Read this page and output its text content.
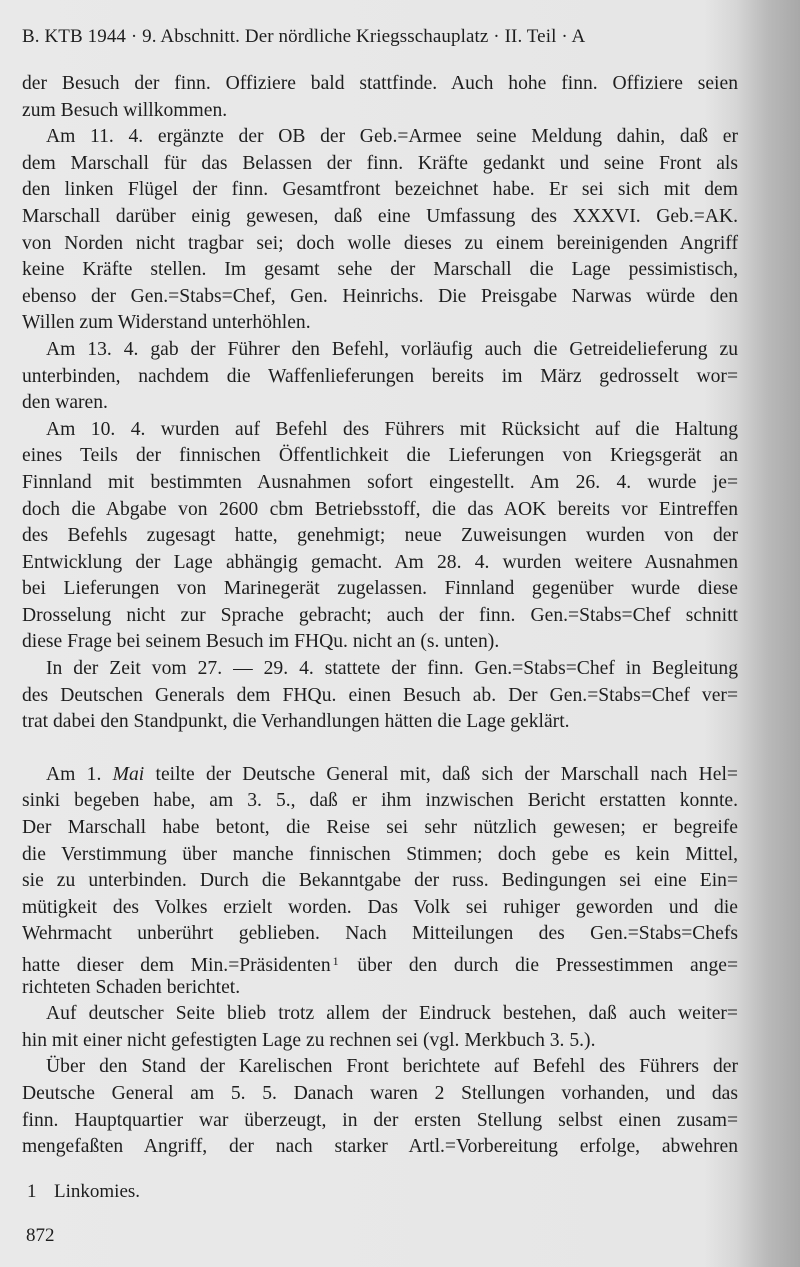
B. KTB 1944 · 9. Abschnitt. Der nördliche Kriegsschauplatz · II. Teil · A
der Besuch der finn. Offiziere bald stattfinde. Auch hohe finn. Offiziere seien
zum Besuch willkommen.
Am 11. 4. ergänzte der OB der Geb.=Armee seine Meldung dahin, daß er
dem Marschall für das Belassen der finn. Kräfte gedankt und seine Front als
den linken Flügel der finn. Gesamtfront bezeichnet habe. Er sei sich mit dem
Marschall darüber einig gewesen, daß eine Umfassung des XXXVI. Geb.=AK.
von Norden nicht tragbar sei; doch wolle dieses zu einem bereinigenden Angriff
keine Kräfte stellen. Im gesamt sehe der Marschall die Lage pessimistisch,
ebenso der Gen.=Stabs=Chef, Gen. Heinrichs. Die Preisgabe Narwas würde den
Willen zum Widerstand unterhöhlen.
Am 13. 4. gab der Führer den Befehl, vorläufig auch die Getreidelieferung zu
unterbinden, nachdem die Waffenlieferungen bereits im März gedrosselt wor=
den waren.
Am 10. 4. wurden auf Befehl des Führers mit Rücksicht auf die Haltung
eines Teils der finnischen Öffentlichkeit die Lieferungen von Kriegsgerät an
Finnland mit bestimmten Ausnahmen sofort eingestellt. Am 26. 4. wurde je=
doch die Abgabe von 2600 cbm Betriebsstoff, die das AOK bereits vor Eintreffen
des Befehls zugesagt hatte, genehmigt; neue Zuweisungen wurden von der
Entwicklung der Lage abhängig gemacht. Am 28. 4. wurden weitere Ausnahmen
bei Lieferungen von Marinegerät zugelassen. Finnland gegenüber wurde diese
Drosselung nicht zur Sprache gebracht; auch der finn. Gen.=Stabs=Chef schnitt
diese Frage bei seinem Besuch im FHQu. nicht an (s. unten).
In der Zeit vom 27. — 29. 4. stattete der finn. Gen.=Stabs=Chef in Begleitung
des Deutschen Generals dem FHQu. einen Besuch ab. Der Gen.=Stabs=Chef ver=
trat dabei den Standpunkt, die Verhandlungen hätten die Lage geklärt.
Am 1. Mai teilte der Deutsche General mit, daß sich der Marschall nach Hel=
sinki begeben habe, am 3. 5., daß er ihm inzwischen Bericht erstatten konnte.
Der Marschall habe betont, die Reise sei sehr nützlich gewesen; er begreife
die Verstimmung über manche finnischen Stimmen; doch gebe es kein Mittel,
sie zu unterbinden. Durch die Bekanntgabe der russ. Bedingungen sei eine Ein=
mütigkeit des Volkes erzielt worden. Das Volk sei ruhiger geworden und die
Wehrmacht unberührt geblieben. Nach Mitteilungen des Gen.=Stabs=Chefs
hatte dieser dem Min.=Präsidenten $^1$ über den durch die Pressestimmen ange=
richteten Schaden berichtet.
Auf deutscher Seite blieb trotz allem der Eindruck bestehen, daß auch weiter=
hin mit einer nicht gefestigten Lage zu rechnen sei (vgl. Merkbuch 3. 5.).
Über den Stand der Karelischen Front berichtete auf Befehl des Führers der
Deutsche General am 5. 5. Danach waren 2 Stellungen vorhanden, und das
finn. Hauptquartier war überzeugt, in der ersten Stellung selbst einen zusam=
mengefaßten Angriff, der nach starker Artl.=Vorbereitung erfolge, abwehren
1 Linkomies.
872
